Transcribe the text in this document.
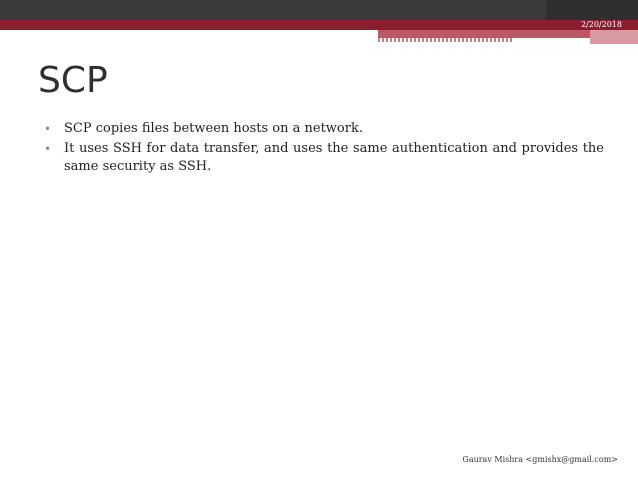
2/20/2018
SCP
• SCP copies files between hosts on a network.
• It uses SSH for data transfer, and uses the same authentication and provides the same security as SSH.
Gaurav Mishra <gmishx@gmail.com>
